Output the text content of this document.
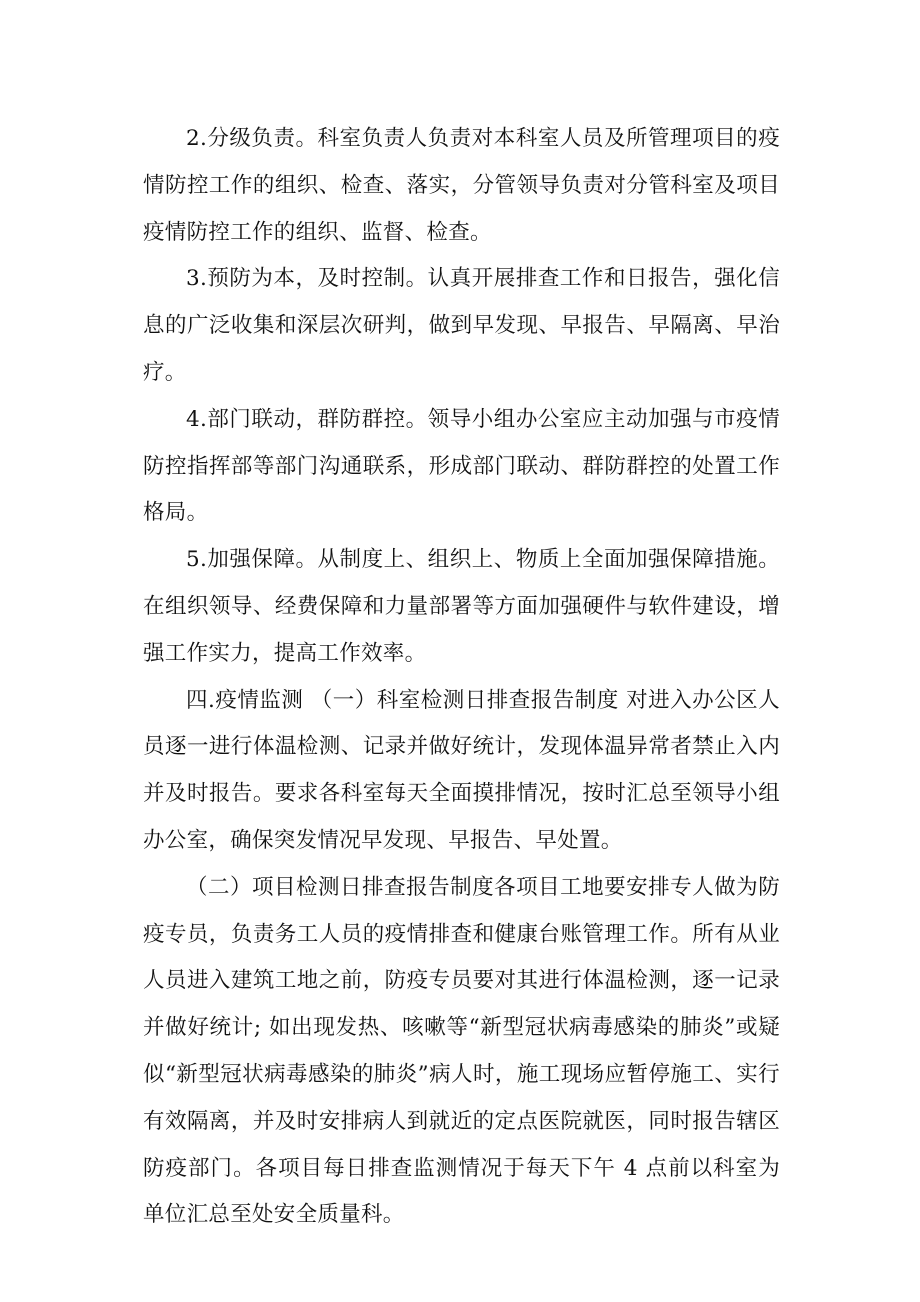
2.分级负责。科室负责人负责对本科室人员及所管理项目的疫情防控工作的组织、检查、落实，分管领导负责对分管科室及项目疫情防控工作的组织、监督、检查。

3.预防为本，及时控制。认真开展排查工作和日报告，强化信息的广泛收集和深层次研判，做到早发现、早报告、早隔离、早治疗。

4.部门联动，群防群控。领导小组办公室应主动加强与市疫情防控指挥部等部门沟通联系，形成部门联动、群防群控的处置工作格局。

5.加强保障。从制度上、组织上、物质上全面加强保障措施。在组织领导、经费保障和力量部署等方面加强硬件与软件建设，增强工作实力，提高工作效率。

四.疫情监测 （一）科室检测日排查报告制度 对进入办公区人员逐一进行体温检测、记录并做好统计，发现体温异常者禁止入内并及时报告。要求各科室每天全面摸排情况，按时汇总至领导小组办公室，确保突发情况早发现、早报告、早处置。

（二）项目检测日排查报告制度各项目工地要安排专人做为防疫专员，负责务工人员的疫情排查和健康台账管理工作。所有从业人员进入建筑工地之前，防疫专员要对其进行体温检测，逐一记录并做好统计; 如出现发热、咳嗽等“新型冠状病毒感染的肺炎”或疑似“新型冠状病毒感染的肺炎”病人时，施工现场应暂停施工、实行有效隔离，并及时安排病人到就近的定点医院就医，同时报告辖区防疫部门。各项目每日排查监测情况于每天下午 4 点前以科室为单位汇总至处安全质量科。
